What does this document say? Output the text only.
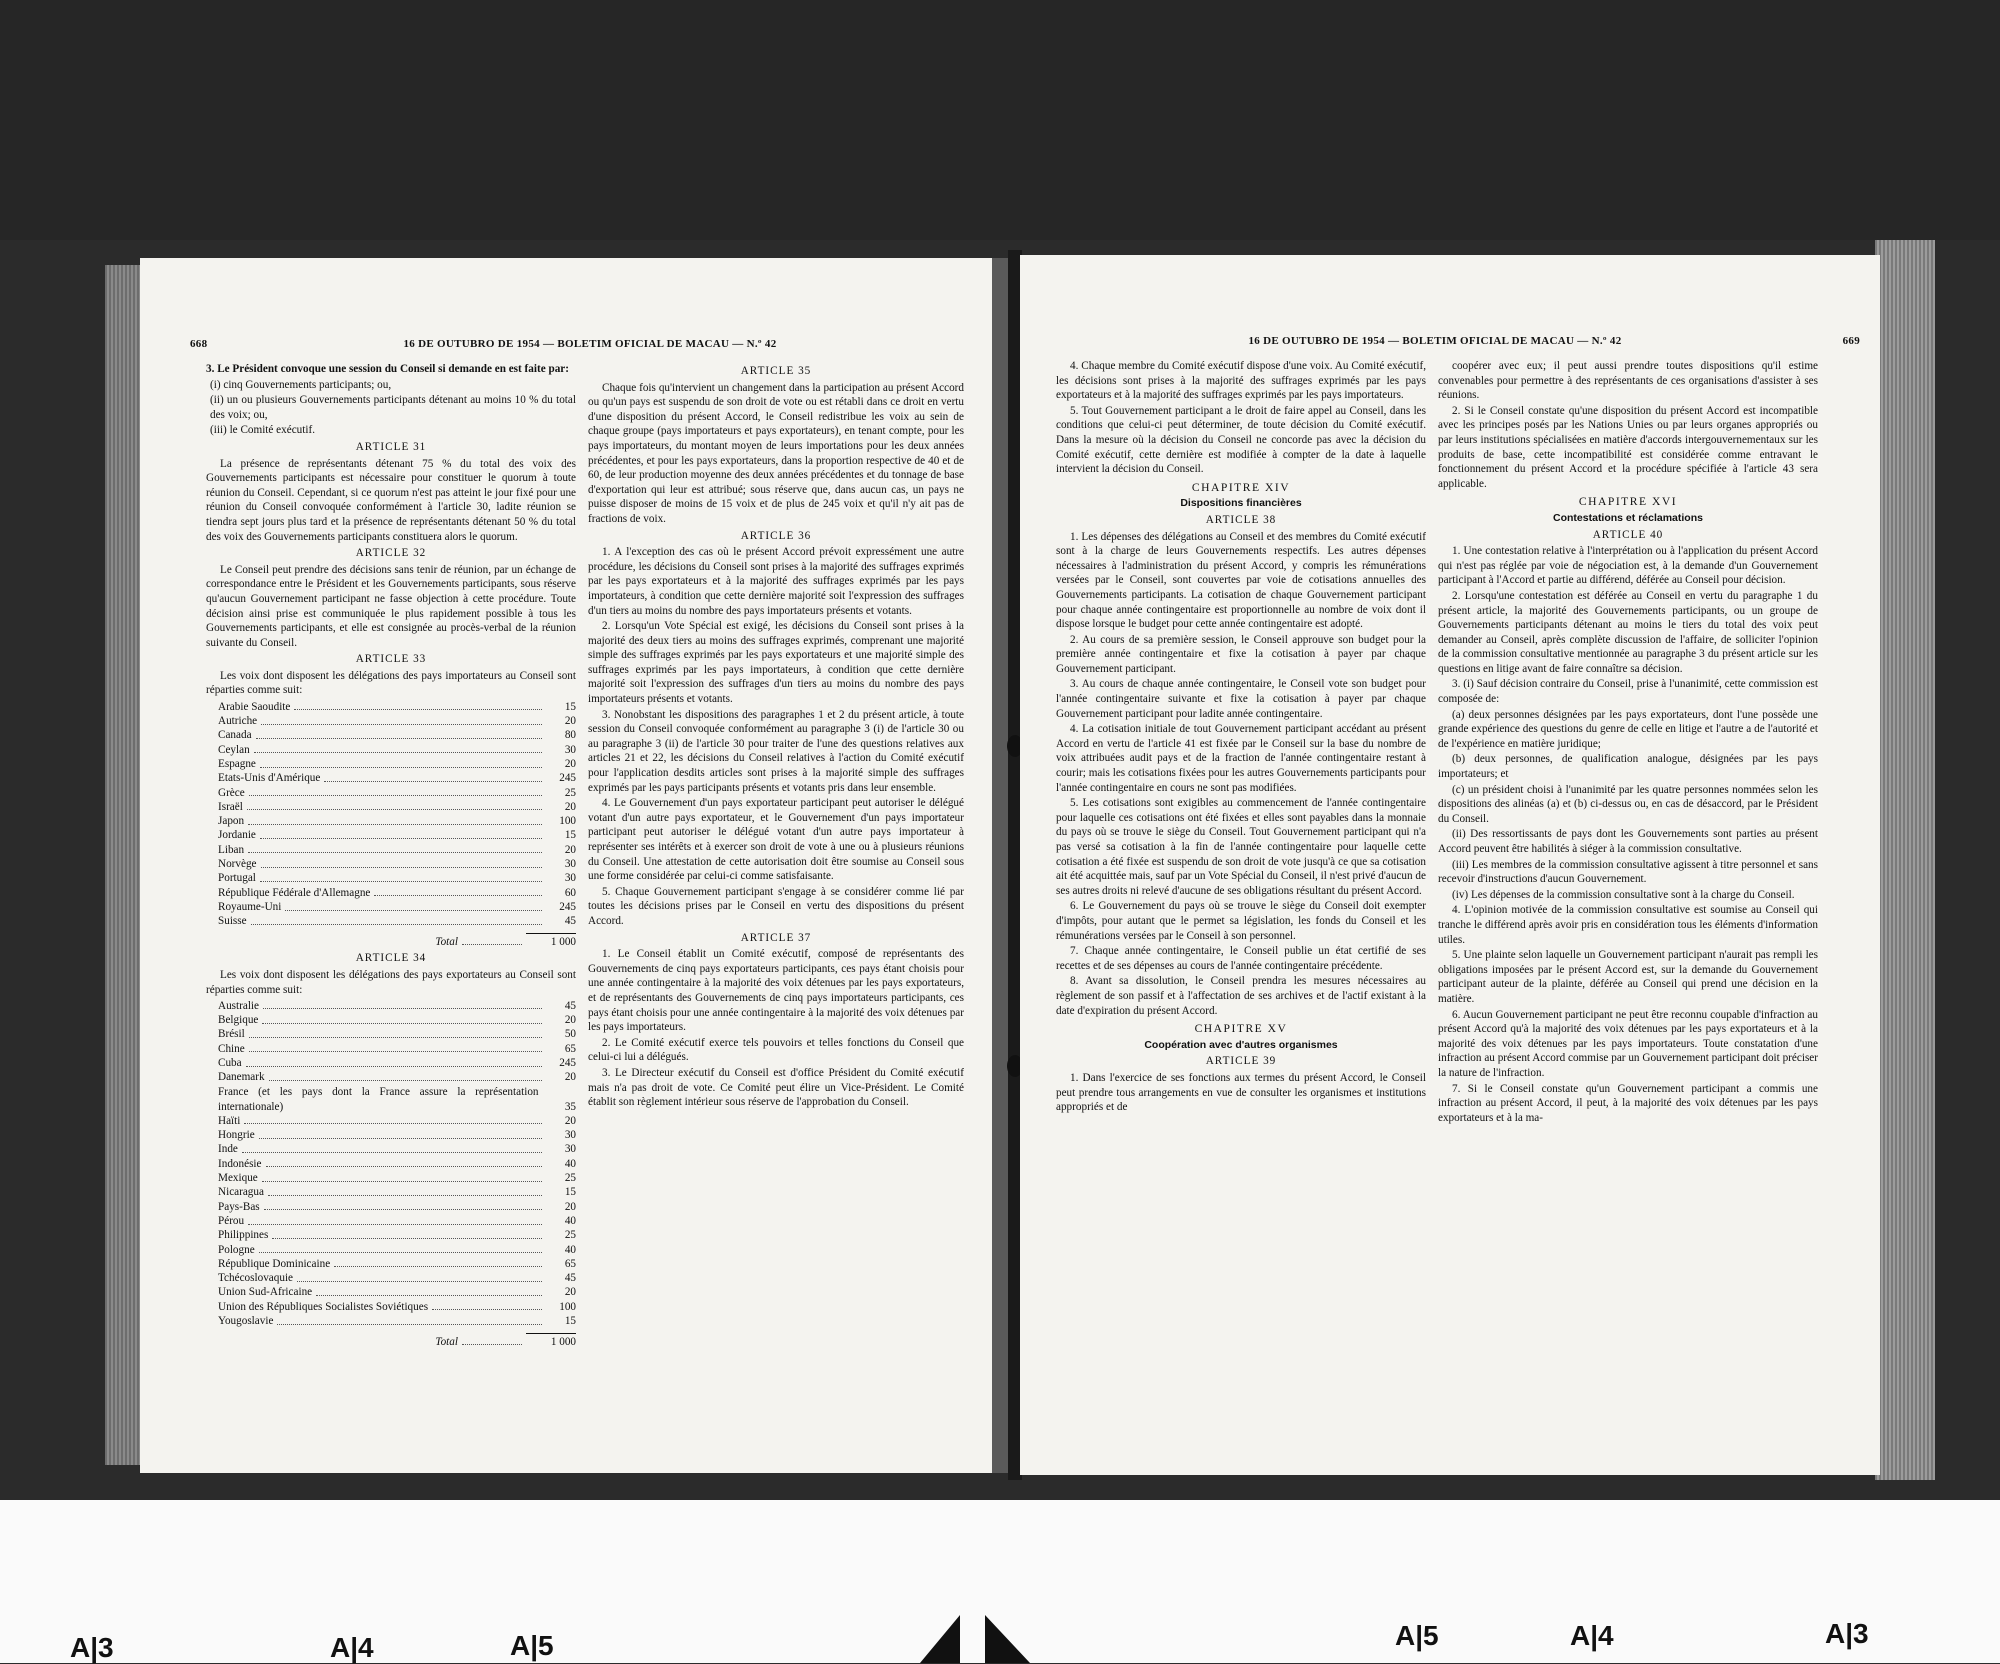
668	16 DE OUTUBRO DE 1954 — BOLETIM OFICIAL DE MACAU — N.º 42

3. Le Président convoque une session du Conseil si demande en est faite par:

(i) cinq Gouvernements participants; ou,

(ii) un ou plusieurs Gouvernements participants détenant au moins 10 % du total des voix; ou,

(iii) le Comité exécutif.

ARTICLE 31

La présence de représentants détenant 75 % du total des voix des Gouvernements participants est nécessaire pour constituer le quorum à toute réunion du Conseil. Cependant, si ce quorum n'est pas atteint le jour fixé pour une réunion du Conseil convoquée conformément à l'article 30, ladite réunion se tiendra sept jours plus tard et la présence de représentants détenant 50 % du total des voix des Gouvernements participants constituera alors le quorum.

ARTICLE 32

Le Conseil peut prendre des décisions sans tenir de réunion, par un échange de correspondance entre le Président et les Gouvernements participants, sous réserve qu'aucun Gouvernement participant ne fasse objection à cette procédure. Toute décision ainsi prise est communiquée le plus rapidement possible à tous les Gouvernements participants, et elle est consignée au procès-verbal de la réunion suivante du Conseil.

ARTICLE 33

Les voix dont disposent les délégations des pays importateurs au Conseil sont réparties comme suit:

Arabie Saoudite	15
Autriche	20
Canada	80
Ceylan	30
Espagne	20
Etats-Unis d'Amérique	245
Grèce	25
Israël	20
Japon	100
Jordanie	15
Liban	20
Norvège	30
Portugal	30
République Fédérale d'Allemagne	60
Royaume-Uni	245
Suisse	45
Total	1 000
ARTICLE 34

Les voix dont disposent les délégations des pays exportateurs au Conseil sont réparties comme suit:

Australie	45
Belgique	20
Brésil	50
Chine	65
Cuba	245
Danemark	20
France (et les pays dont la France assure la représentation internationale)	35
Haïti	20
Hongrie	30
Inde	30
Indonésie	40
Mexique	25
Nicaragua	15
Pays-Bas	20
Pérou	40
Philippines	25
Pologne	40
République Dominicaine	65
Tchécoslovaquie	45
Union Sud-Africaine	20
Union des Républiques Socialistes Soviétiques	100
Yougoslavie	15
Total	1 000
ARTICLE 35

Chaque fois qu'intervient un changement dans la participation au présent Accord ou qu'un pays est suspendu de son droit de vote ou est rétabli dans ce droit en vertu d'une disposition du présent Accord, le Conseil redistribue les voix au sein de chaque groupe (pays importateurs et pays exportateurs), en tenant compte, pour les pays importateurs, du montant moyen de leurs importations pour les deux années précédentes, et pour les pays exportateurs, dans la proportion respective de 40 et de 60, de leur production moyenne des deux années précédentes et du tonnage de base d'exportation qui leur est attribué; sous réserve que, dans aucun cas, un pays ne puisse disposer de moins de 15 voix et de plus de 245 voix et qu'il n'y ait pas de fractions de voix.

ARTICLE 36

1. A l'exception des cas où le présent Accord prévoit expressément une autre procédure, les décisions du Conseil sont prises à la majorité des suffrages exprimés par les pays exportateurs et à la majorité des suffrages exprimés par les pays importateurs, à condition que cette dernière majorité soit l'expression des suffrages d'un tiers au moins du nombre des pays importateurs présents et votants.

2. Lorsqu'un Vote Spécial est exigé, les décisions du Conseil sont prises à la majorité des deux tiers au moins des suffrages exprimés, comprenant une majorité simple des suffrages exprimés par les pays exportateurs et une majorité simple des suffrages exprimés par les pays importateurs, à condition que cette dernière majorité soit l'expression des suffrages d'un tiers au moins du nombre des pays importateurs présents et votants.

3. Nonobstant les dispositions des paragraphes 1 et 2 du présent article, à toute session du Conseil convoquée conformément au paragraphe 3 (i) de l'article 30 ou au paragraphe 3 (ii) de l'article 30 pour traiter de l'une des questions relatives aux articles 21 et 22, les décisions du Conseil relatives à l'action du Comité exécutif pour l'application desdits articles sont prises à la majorité simple des suffrages exprimés par les pays participants présents et votants pris dans leur ensemble.

4. Le Gouvernement d'un pays exportateur participant peut autoriser le délégué votant d'un autre pays exportateur, et le Gouvernement d'un pays importateur participant peut autoriser le délégué votant d'un autre pays importateur à représenter ses intérêts et à exercer son droit de vote à une ou à plusieurs réunions du Conseil. Une attestation de cette autorisation doit être soumise au Conseil sous une forme considérée par celui-ci comme satisfaisante.

5. Chaque Gouvernement participant s'engage à se considérer comme lié par toutes les décisions prises par le Conseil en vertu des dispositions du présent Accord.

ARTICLE 37

1. Le Conseil établit un Comité exécutif, composé de représentants des Gouvernements de cinq pays exportateurs participants, ces pays étant choisis pour une année contingentaire à la majorité des voix détenues par les pays exportateurs, et de représentants des Gouvernements de cinq pays importateurs participants, ces pays étant choisis pour une année contingentaire à la majorité des voix détenues par les pays importateurs.

2. Le Comité exécutif exerce tels pouvoirs et telles fonctions du Conseil que celui-ci lui a délégués.

3. Le Directeur exécutif du Conseil est d'office Président du Comité exécutif mais n'a pas droit de vote. Ce Comité peut élire un Vice-Président. Le Comité établit son règlement intérieur sous réserve de l'approbation du Conseil.

16 DE OUTUBRO DE 1954 — BOLETIM OFICIAL DE MACAU — N.º 42	669

4. Chaque membre du Comité exécutif dispose d'une voix. Au Comité exécutif, les décisions sont prises à la majorité des suffrages exprimés par les pays exportateurs et à la majorité des suffrages exprimés par les pays importateurs.

5. Tout Gouvernement participant a le droit de faire appel au Conseil, dans les conditions que celui-ci peut déterminer, de toute décision du Comité exécutif. Dans la mesure où la décision du Conseil ne concorde pas avec la décision du Comité exécutif, cette dernière est modifiée à compter de la date à laquelle intervient la décision du Conseil.

CHAPITRE XIV
Dispositions financières
ARTICLE 38

1. Les dépenses des délégations au Conseil et des membres du Comité exécutif sont à la charge de leurs Gouvernements respectifs. Les autres dépenses nécessaires à l'administration du présent Accord, y compris les rémunérations versées par le Conseil, sont couvertes par voie de cotisations annuelles des Gouvernements participants. La cotisation de chaque Gouvernement participant pour chaque année contingentaire est proportionnelle au nombre de voix dont il dispose lorsque le budget pour cette année contingentaire est adopté.

2. Au cours de sa première session, le Conseil approuve son budget pour la première année contingentaire et fixe la cotisation à payer par chaque Gouvernement participant.

3. Au cours de chaque année contingentaire, le Conseil vote son budget pour l'année contingentaire suivante et fixe la cotisation à payer par chaque Gouvernement participant pour ladite année contingentaire.

4. La cotisation initiale de tout Gouvernement participant accédant au présent Accord en vertu de l'article 41 est fixée par le Conseil sur la base du nombre de voix attribuées audit pays et de la fraction de l'année contingentaire restant à courir; mais les cotisations fixées pour les autres Gouvernements participants pour l'année contingentaire en cours ne sont pas modifiées.

5. Les cotisations sont exigibles au commencement de l'année contingentaire pour laquelle ces cotisations ont été fixées et elles sont payables dans la monnaie du pays où se trouve le siège du Conseil. Tout Gouvernement participant qui n'a pas versé sa cotisation à la fin de l'année contingentaire pour laquelle cette cotisation a été fixée est suspendu de son droit de vote jusqu'à ce que sa cotisation ait été acquittée mais, sauf par un Vote Spécial du Conseil, il n'est privé d'aucun de ses autres droits ni relevé d'aucune de ses obligations résultant du présent Accord.

6. Le Gouvernement du pays où se trouve le siège du Conseil doit exempter d'impôts, pour autant que le permet sa législation, les fonds du Conseil et les rémunérations versées par le Conseil à son personnel.

7. Chaque année contingentaire, le Conseil publie un état certifié de ses recettes et de ses dépenses au cours de l'année contingentaire précédente.

8. Avant sa dissolution, le Conseil prendra les mesures nécessaires au règlement de son passif et à l'affectation de ses archives et de l'actif existant à la date d'expiration du présent Accord.

CHAPITRE XV
Coopération avec d'autres organismes
ARTICLE 39

1. Dans l'exercice de ses fonctions aux termes du présent Accord, le Conseil peut prendre tous arrangements en vue de consulter les organismes et institutions appropriés et de

coopérer avec eux; il peut aussi prendre toutes dispositions qu'il estime convenables pour permettre à des représentants de ces organisations d'assister à ses réunions.

2. Si le Conseil constate qu'une disposition du présent Accord est incompatible avec les principes posés par les Nations Unies ou par leurs organes appropriés ou par leurs institutions spécialisées en matière d'accords intergouvernementaux sur les produits de base, cette incompatibilité est considérée comme entravant le fonctionnement du présent Accord et la procédure spécifiée à l'article 43 sera applicable.

CHAPITRE XVI
Contestations et réclamations
ARTICLE 40

1. Une contestation relative à l'interprétation ou à l'application du présent Accord qui n'est pas réglée par voie de négociation est, à la demande d'un Gouvernement participant à l'Accord et partie au différend, déférée au Conseil pour décision.

2. Lorsqu'une contestation est déférée au Conseil en vertu du paragraphe 1 du présent article, la majorité des Gouvernements participants, ou un groupe de Gouvernements participants détenant au moins le tiers du total des voix peut demander au Conseil, après complète discussion de l'affaire, de solliciter l'opinion de la commission consultative mentionnée au paragraphe 3 du présent article sur les questions en litige avant de faire connaître sa décision.

3. (i) Sauf décision contraire du Conseil, prise à l'unanimité, cette commission est composée de:

(a) deux personnes désignées par les pays exportateurs, dont l'une possède une grande expérience des questions du genre de celle en litige et l'autre a de l'autorité et de l'expérience en matière juridique;

(b) deux personnes, de qualification analogue, désignées par les pays importateurs; et

(c) un président choisi à l'unanimité par les quatre personnes nommées selon les dispositions des alinéas (a) et (b) ci-dessus ou, en cas de désaccord, par le Président du Conseil.

(ii) Des ressortissants de pays dont les Gouvernements sont parties au présent Accord peuvent être habilités à siéger à la commission consultative.

(iii) Les membres de la commission consultative agissent à titre personnel et sans recevoir d'instructions d'aucun Gouvernement.

(iv) Les dépenses de la commission consultative sont à la charge du Conseil.

4. L'opinion motivée de la commission consultative est soumise au Conseil qui tranche le différend après avoir pris en considération tous les éléments d'information utiles.

5. Une plainte selon laquelle un Gouvernement participant n'aurait pas rempli les obligations imposées par le présent Accord est, sur la demande du Gouvernement participant auteur de la plainte, déférée au Conseil qui prend une décision en la matière.

6. Aucun Gouvernement participant ne peut être reconnu coupable d'infraction au présent Accord qu'à la majorité des voix détenues par les pays exportateurs et à la majorité des voix détenues par les pays importateurs. Toute constatation d'une infraction au présent Accord commise par un Gouvernement participant doit préciser la nature de l'infraction.

7. Si le Conseil constate qu'un Gouvernement participant a commis une infraction au présent Accord, il peut, à la majorité des voix détenues par les pays exportateurs et à la ma-

A|3	A|4	A|5	A|5	A|4	A|3
